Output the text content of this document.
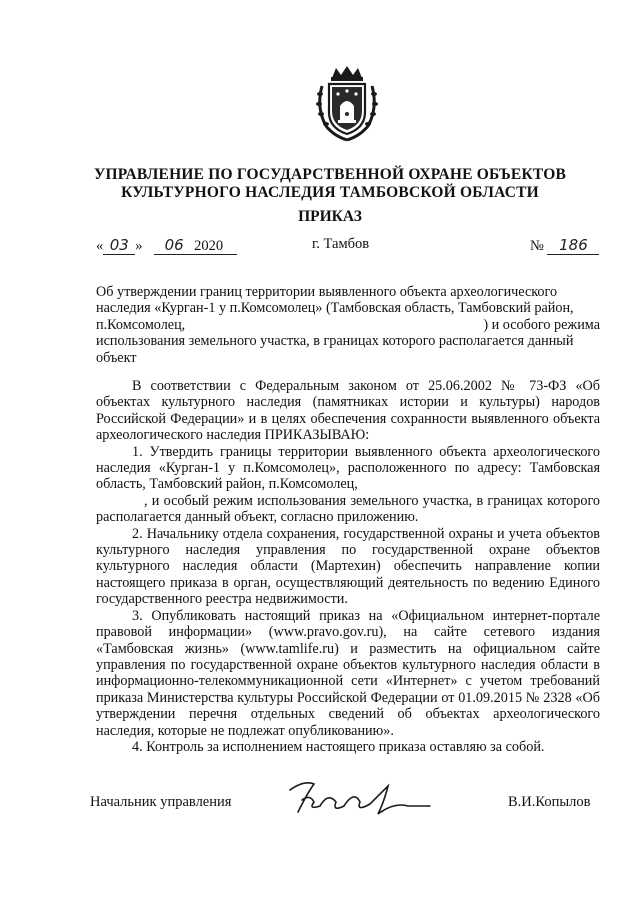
УПРАВЛЕНИЕ ПО ГОСУДАРСТВЕННОЙ ОХРАНЕ ОБЪЕКТОВ
КУЛЬТУРНОГО НАСЛЕДИЯ ТАМБОВСКОЙ ОБЛАСТИ
ПРИКАЗ
« 03 » 06 2020	г. Тамбов	№ 186

Об утверждении границ территории выявленного объекта археологического

наследия «Курган-1 у п.Комсомолец» (Тамбовская область, Тамбовский район,

п.Комсомолец,	) и особого режима

использования земельного участка, в границах которого располагается данный

объект

В соответствии с Федеральным законом от 25.06.2002 № 73-ФЗ «Об объектах культурного наследия (памятниках истории и культуры) народов Российской Федерации» и в целях обеспечения сохранности выявленного объекта археологического наследия ПРИКАЗЫВАЮ:

1. Утвердить границы территории выявленного объекта археологического наследия «Курган-1 у п.Комсомолец», расположенного по адресу: Тамбовская область, Тамбовский район, п.Комсомолец,

, и особый режим использования земельного участка, в границах которого располагается данный объект, согласно приложению.

2. Начальнику отдела сохранения, государственной охраны и учета объектов культурного наследия управления по государственной охране объектов культурного наследия области (Мартехин) обеспечить направление копии настоящего приказа в орган, осуществляющий деятельность по ведению Единого государственного реестра недвижимости.

3. Опубликовать настоящий приказ на «Официальном интернет-портале правовой информации» (www.pravo.gov.ru), на сайте сетевого издания «Тамбовская жизнь» (www.tamlife.ru) и разместить на официальном сайте управления по государственной охране объектов культурного наследия области в информационно-телекоммуникационной сети «Интернет» с учетом требований приказа Министерства культуры Российской Федерации от 01.09.2015 № 2328 «Об утверждении перечня отдельных сведений об объектах археологического наследия, которые не подлежат опубликованию».

4. Контроль за исполнением настоящего приказа оставляю за собой.

Начальник управления	В.И.Копылов
